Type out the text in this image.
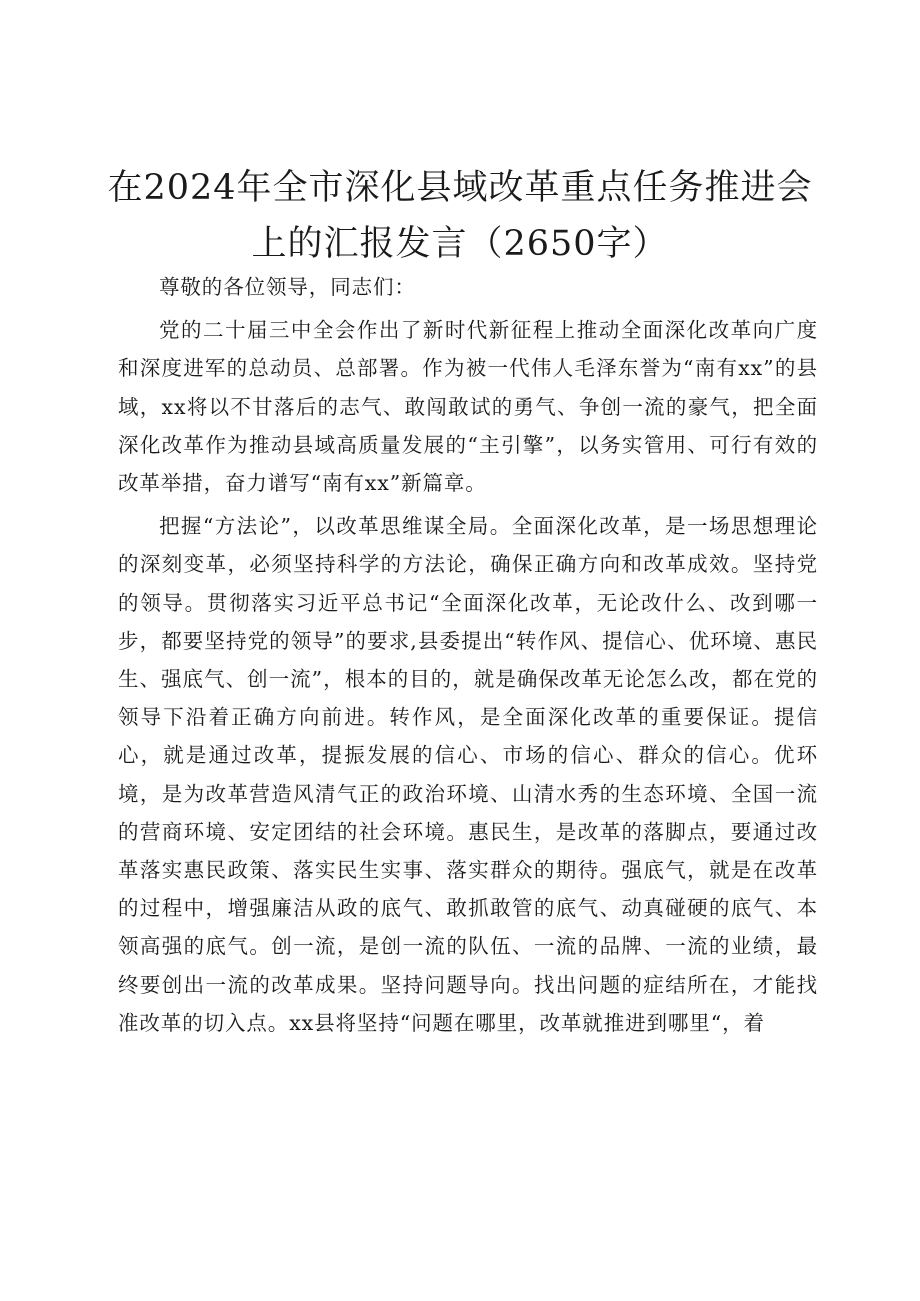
在2024年全市深化县域改革重点任务推进会
上的汇报发言（2650字）

尊敬的各位领导，同志们：

党的二十届三中全会作出了新时代新征程上推动全面深化改革向广度和深度进军的总动员、总部署。作为被一代伟人毛泽东誉为“南有xx”的县域，xx将以不甘落后的志气、敢闯敢试的勇气、争创一流的豪气，把全面深化改革作为推动县域高质量发展的“主引擎”，以务实管用、可行有效的改革举措，奋力谱写“南有xx”新篇章。

把握“方法论”，以改革思维谋全局。全面深化改革，是一场思想理论的深刻变革，必须坚持科学的方法论，确保正确方向和改革成效。坚持党的领导。贯彻落实习近平总书记“全面深化改革，无论改什么、改到哪一步，都要坚持党的领导”的要求,县委提出“转作风、提信心、优环境、惠民生、强底气、创一流”，根本的目的，就是确保改革无论怎么改，都在党的领导下沿着正确方向前进。转作风，是全面深化改革的重要保证。提信心，就是通过改革，提振发展的信心、市场的信心、群众的信心。优环境，是为改革营造风清气正的政治环境、山清水秀的生态环境、全国一流的营商环境、安定团结的社会环境。惠民生，是改革的落脚点，要通过改革落实惠民政策、落实民生实事、落实群众的期待。强底气，就是在改革的过程中，增强廉洁从政的底气、敢抓敢管的底气、动真碰硬的底气、本领高强的底气。创一流，是创一流的队伍、一流的品牌、一流的业绩，最终要创出一流的改革成果。坚持问题导向。找出问题的症结所在，才能找准改革的切入点。xx县将坚持“问题在哪里，改革就推进到哪里“，着
